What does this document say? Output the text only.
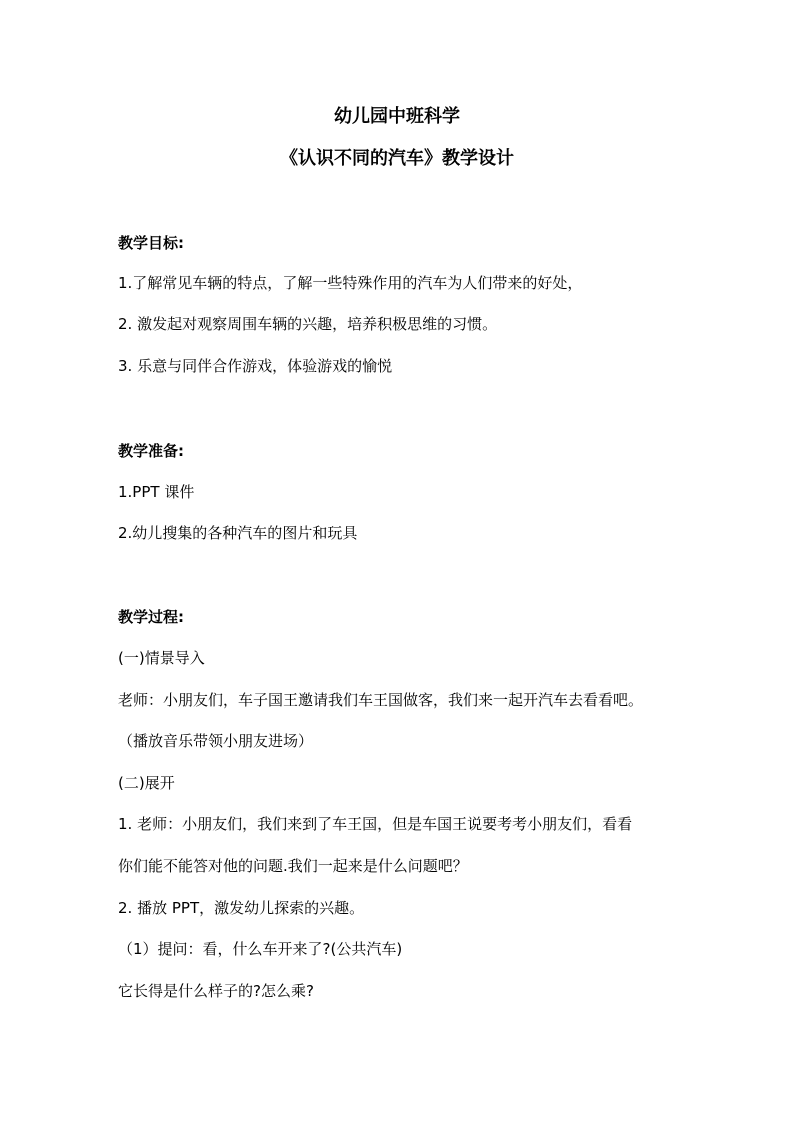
幼儿园中班科学
《认识不同的汽车》教学设计
教学目标:
1.了解常见车辆的特点，了解一些特殊作用的汽车为人们带来的好处，
2. 激发起对观察周围车辆的兴趣，培养积极思维的习惯。
3. 乐意与同伴合作游戏，体验游戏的愉悦
教学准备:
1.PPT 课件
2.幼儿搜集的各种汽车的图片和玩具
教学过程:
(一)情景导入
老师：小朋友们，车子国王邀请我们车王国做客，我们来一起开汽车去看看吧。
（播放音乐带领小朋友进场）
(二)展开
1. 老师：小朋友们，我们来到了车王国，但是车国王说要考考小朋友们，看看
你们能不能答对他的问题.我们一起来是什么问题吧？
2. 播放 PPT，激发幼儿探索的兴趣。
（1）提问：看，什么车开来了?(公共汽车)
它长得是什么样子的?怎么乘?
